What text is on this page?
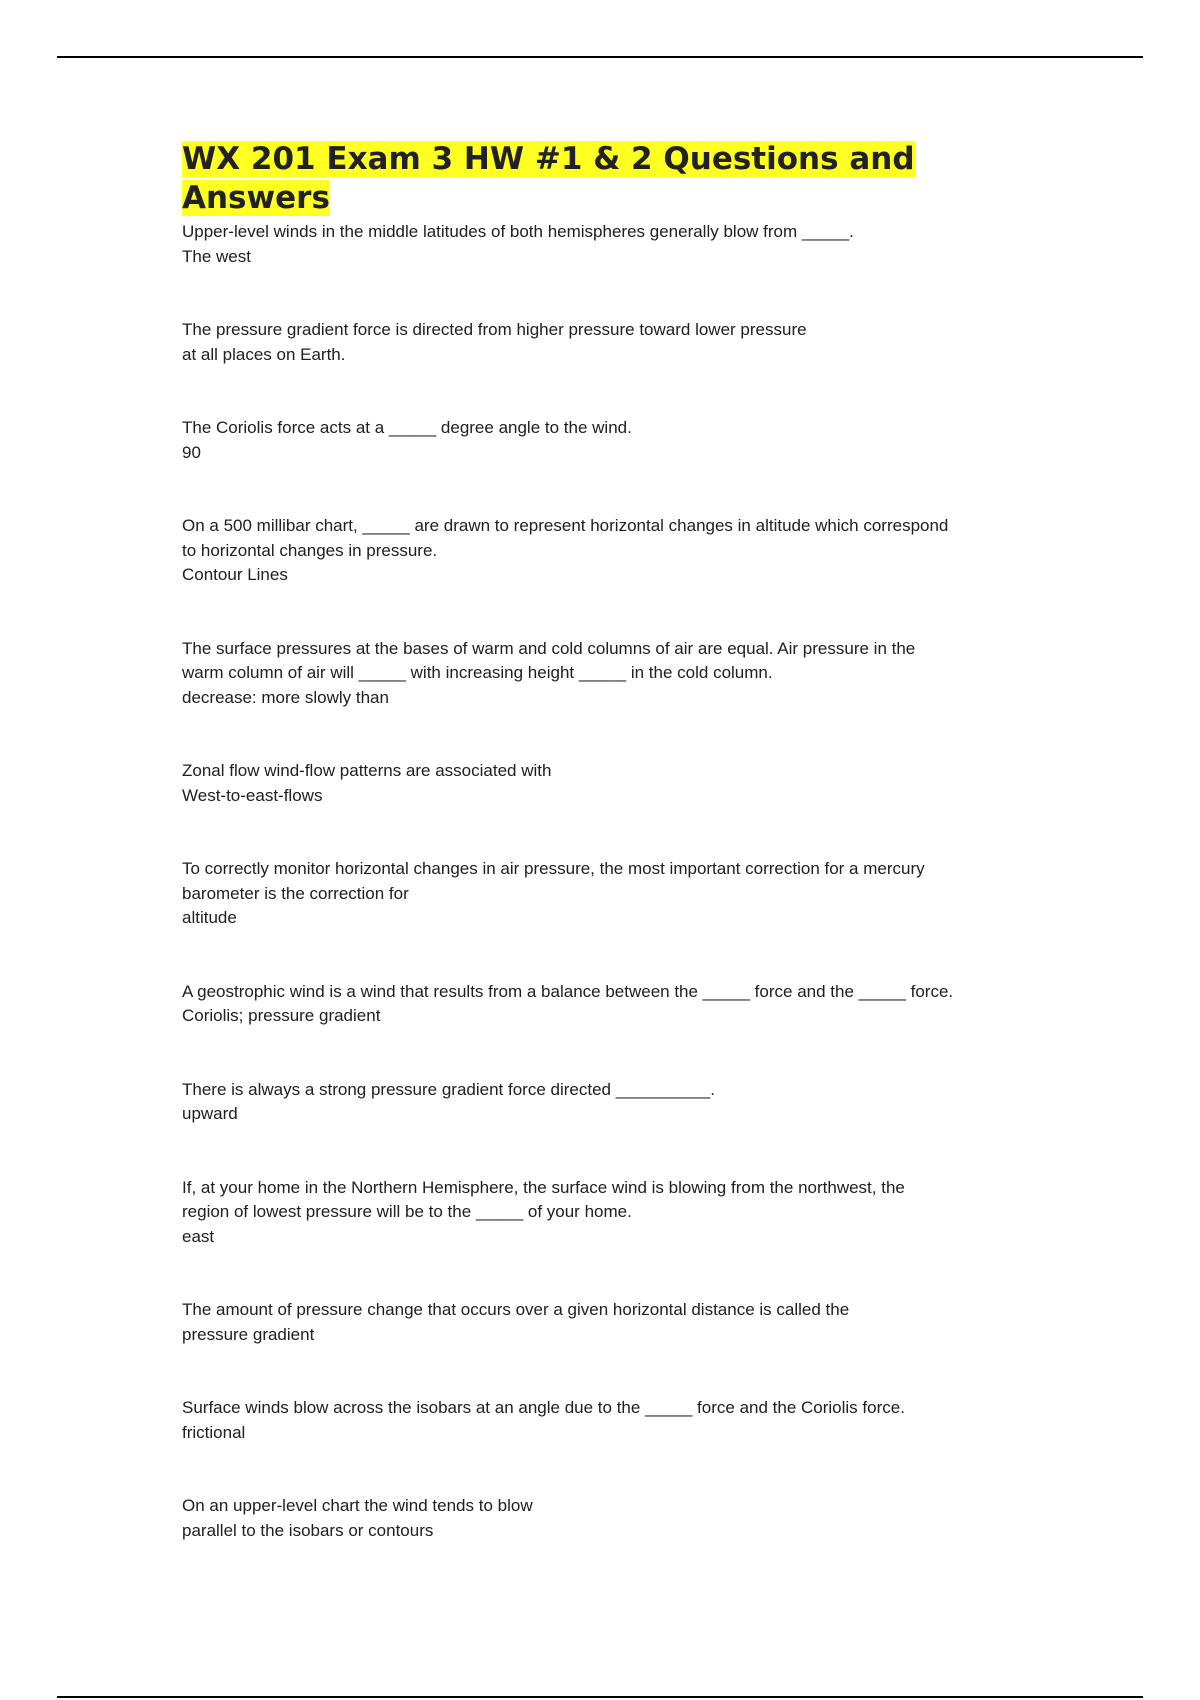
WX 201 Exam 3 HW #1 & 2 Questions and Answers
Upper-level winds in the middle latitudes of both hemispheres generally blow from _____.
The west
The pressure gradient force is directed from higher pressure toward lower pressure
at all places on Earth.
The Coriolis force acts at a _____ degree angle to the wind.
90
On a 500 millibar chart, _____ are drawn to represent horizontal changes in altitude which correspond
to horizontal changes in pressure.
Contour Lines
The surface pressures at the bases of warm and cold columns of air are equal. Air pressure in the
warm column of air will _____ with increasing height _____ in the cold column.
decrease: more slowly than
Zonal flow wind-flow patterns are associated with
West-to-east-flows
To correctly monitor horizontal changes in air pressure, the most important correction for a mercury
barometer is the correction for
altitude
A geostrophic wind is a wind that results from a balance between the _____ force and the _____ force.
Coriolis; pressure gradient
There is always a strong pressure gradient force directed __________.
upward
If, at your home in the Northern Hemisphere, the surface wind is blowing from the northwest, the
region of lowest pressure will be to the _____ of your home.
east
The amount of pressure change that occurs over a given horizontal distance is called the
pressure gradient
Surface winds blow across the isobars at an angle due to the _____ force and the Coriolis force.
frictional
On an upper-level chart the wind tends to blow
parallel to the isobars or contours
